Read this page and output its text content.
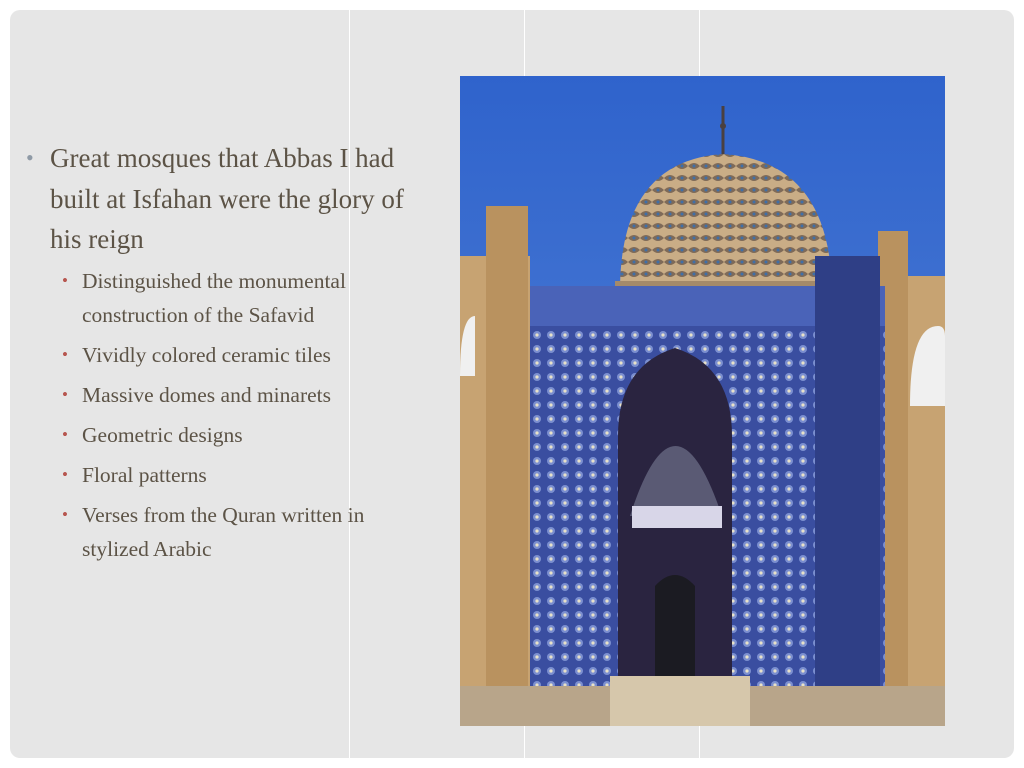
• Great mosques that Abbas I had built at Isfahan were the glory of his reign
• Distinguished the monumental construction of the Safavid
• Vividly colored ceramic tiles
• Massive domes and minarets
• Geometric designs
• Floral patterns
• Verses from the Quran written in stylized Arabic
